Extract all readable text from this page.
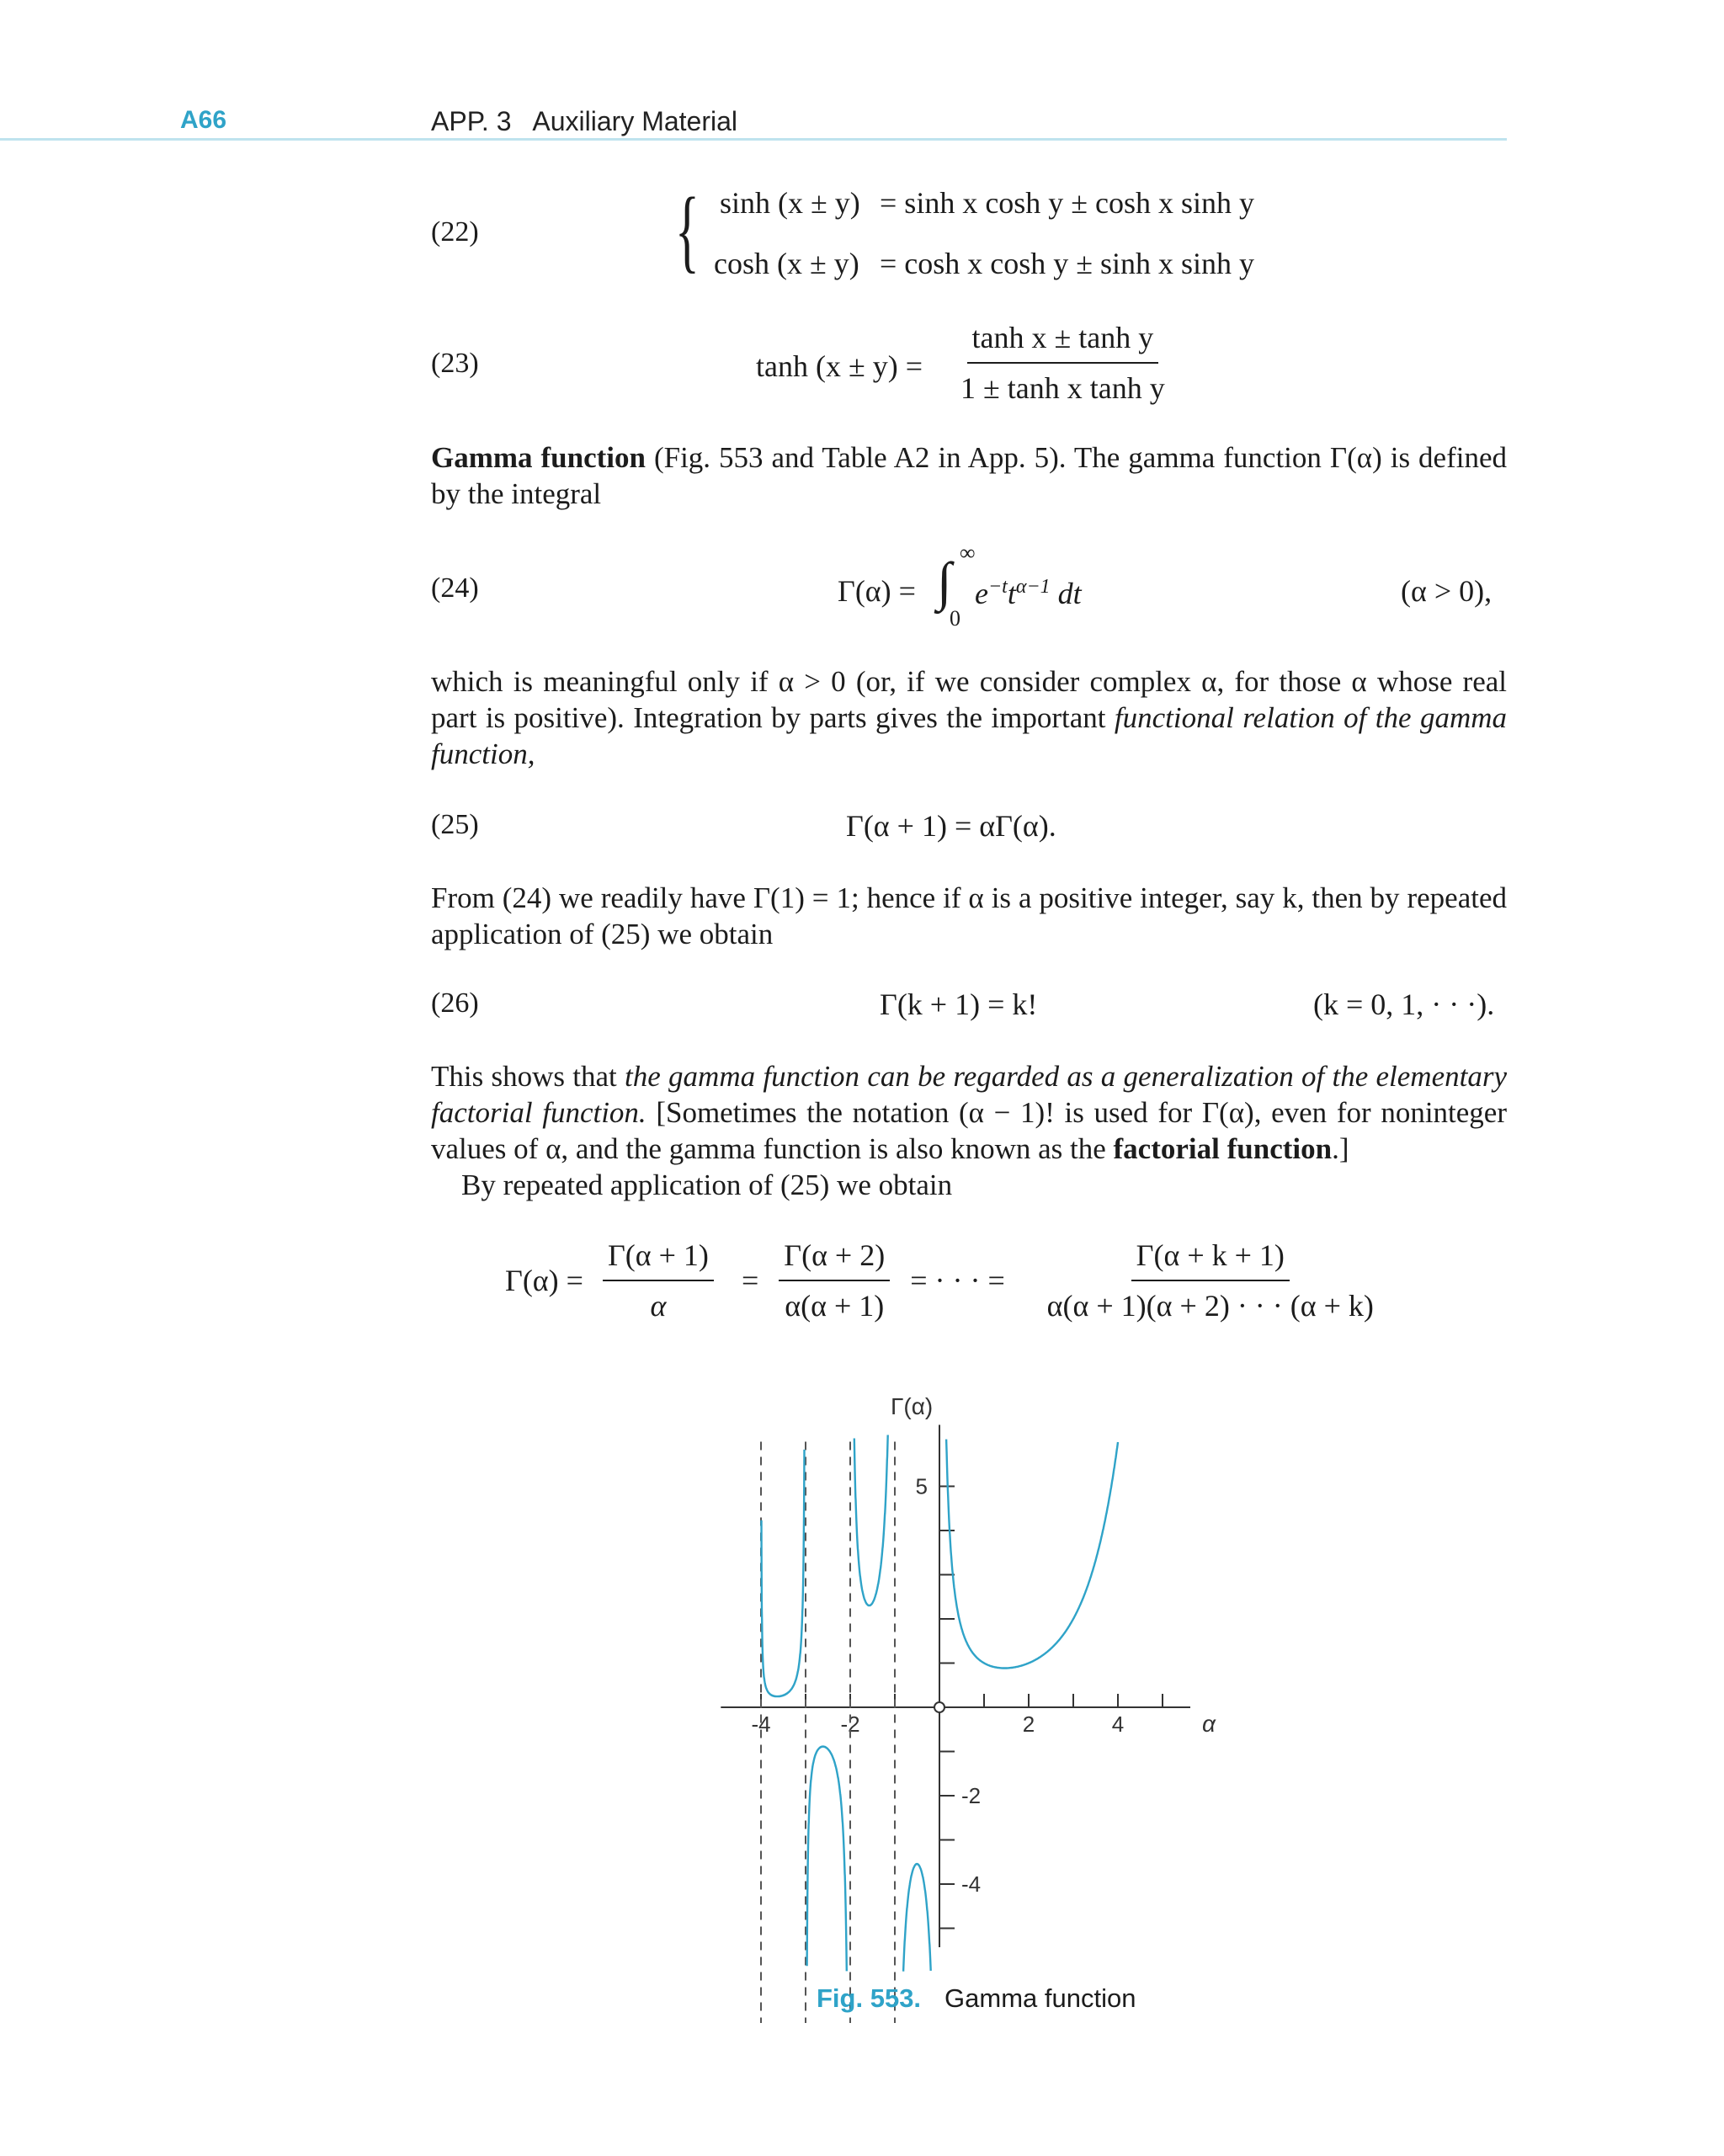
A66	APP. 3   Auxiliary Material
(22) { sinh (x ± y) = sinh x cosh y ± cosh x sinh y
cosh (x ± y) = cosh x cosh y ± sinh x sinh y
(23)	$\tanh (x \pm y) = \frac{\text{tanh x ± tanh y}}{\text{1 ± tanh x tanh y}}$
Gamma function (Fig. 553 and Table A2 in App. 5). The gamma function Γ(α) is defined by the integral
(24)	Γ(α) = ∫ ∞
0
$e^{-t}t^{\alpha-1}$ dt	(α > 0),
which is meaningful only if α > 0 (or, if we consider complex α, for those α whose real part is positive). Integration by parts gives the important functional relation of the gamma function,
(25)	Γ(α + 1) = αΓ(α).
From (24) we readily have Γ(1) = 1; hence if α is a positive integer, say k, then by repeated application of (25) we obtain
(26)	Γ(k + 1) = k!	(k = 0, 1, · · ·).
This shows that the gamma function can be regarded as a generalization of the elementary factorial function. [Sometimes the notation (α − 1)! is used for Γ(α), even for noninteger values of α, and the gamma function is also known as the factorial function.]
By repeated application of (25) we obtain
$\Gamma(\alpha) = \frac{\Gamma(\alpha + 1)}{\alpha} = \frac{\Gamma(\alpha + 2)}{\alpha(\alpha + 1)}$ = · · · = $\frac{\Gamma(\alpha + k + 1)}{\alpha(\alpha + 1)(\alpha + 2) \cdot \cdot \cdot (\alpha + k)}$
-4	-2	2	4
5
-2
-4
α
Γ(α)
Fig. 553. Gamma function
